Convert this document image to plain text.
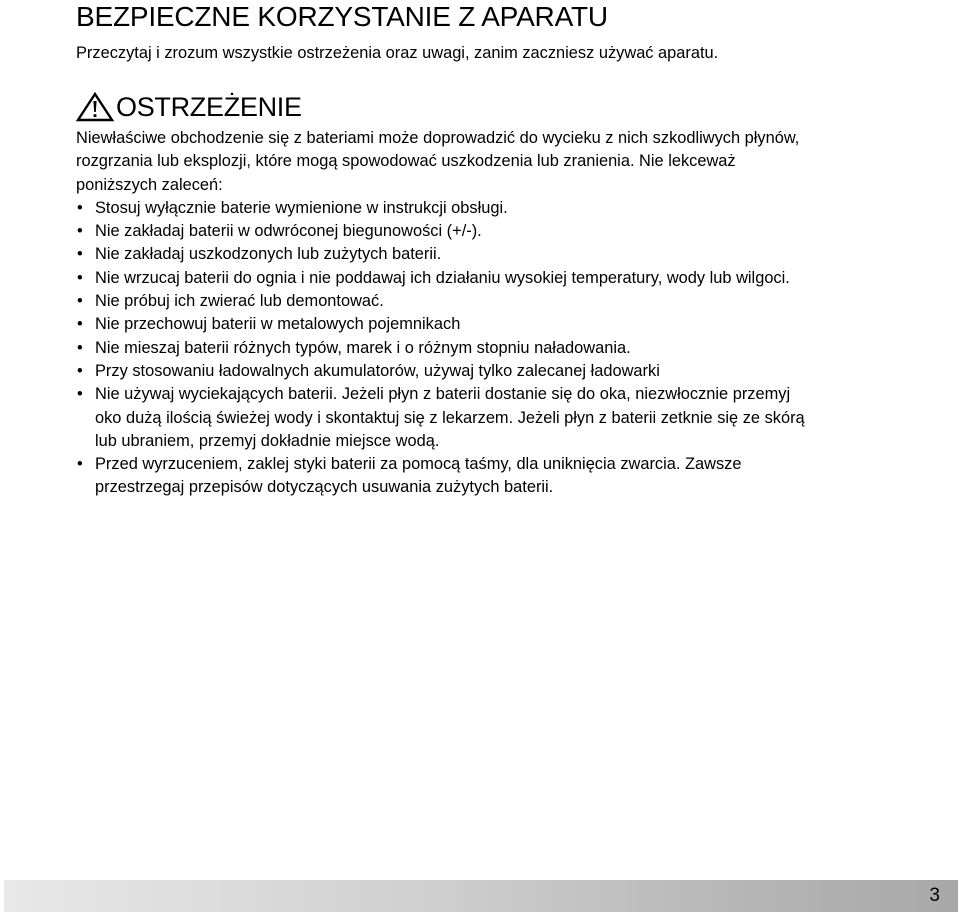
BEZPIECZNE KORZYSTANIE Z APARATU

Przeczytaj i zrozum wszystkie ostrzeżenia oraz uwagi, zanim zaczniesz używać aparatu.

OSTRZEŻENIE

Niewłaściwe obchodzenie się z bateriami może doprowadzić do wycieku z nich szkodliwych płynów,

rozgrzania lub eksplozji, które mogą spowodować uszkodzenia lub zranienia. Nie lekceważ

poniższych zaleceń:

• Stosuj wyłącznie baterie wymienione w instrukcji obsługi.
• Nie zakładaj baterii w odwróconej biegunowości (+/-).
• Nie zakładaj uszkodzonych lub zużytych baterii.
• Nie wrzucaj baterii do ognia i nie poddawaj ich działaniu wysokiej temperatury, wody lub wilgoci.
• Nie próbuj ich zwierać lub demontować.
• Nie przechowuj baterii w metalowych pojemnikach
• Nie mieszaj baterii różnych typów, marek i o różnym stopniu naładowania.
• Przy stosowaniu ładowalnych akumulatorów, używaj tylko zalecanej ładowarki
• Nie używaj wyciekających baterii. Jeżeli płyn z baterii dostanie się do oka, niezwłocznie przemyj
oko dużą ilością świeżej wody i skontaktuj się z lekarzem. Jeżeli płyn z baterii zetknie się ze skórą
lub ubraniem, przemyj dokładnie miejsce wodą.
• Przed wyrzuceniem, zaklej styki baterii za pomocą taśmy, dla uniknięcia zwarcia. Zawsze
przestrzegaj przepisów dotyczących usuwania zużytych baterii.
3
